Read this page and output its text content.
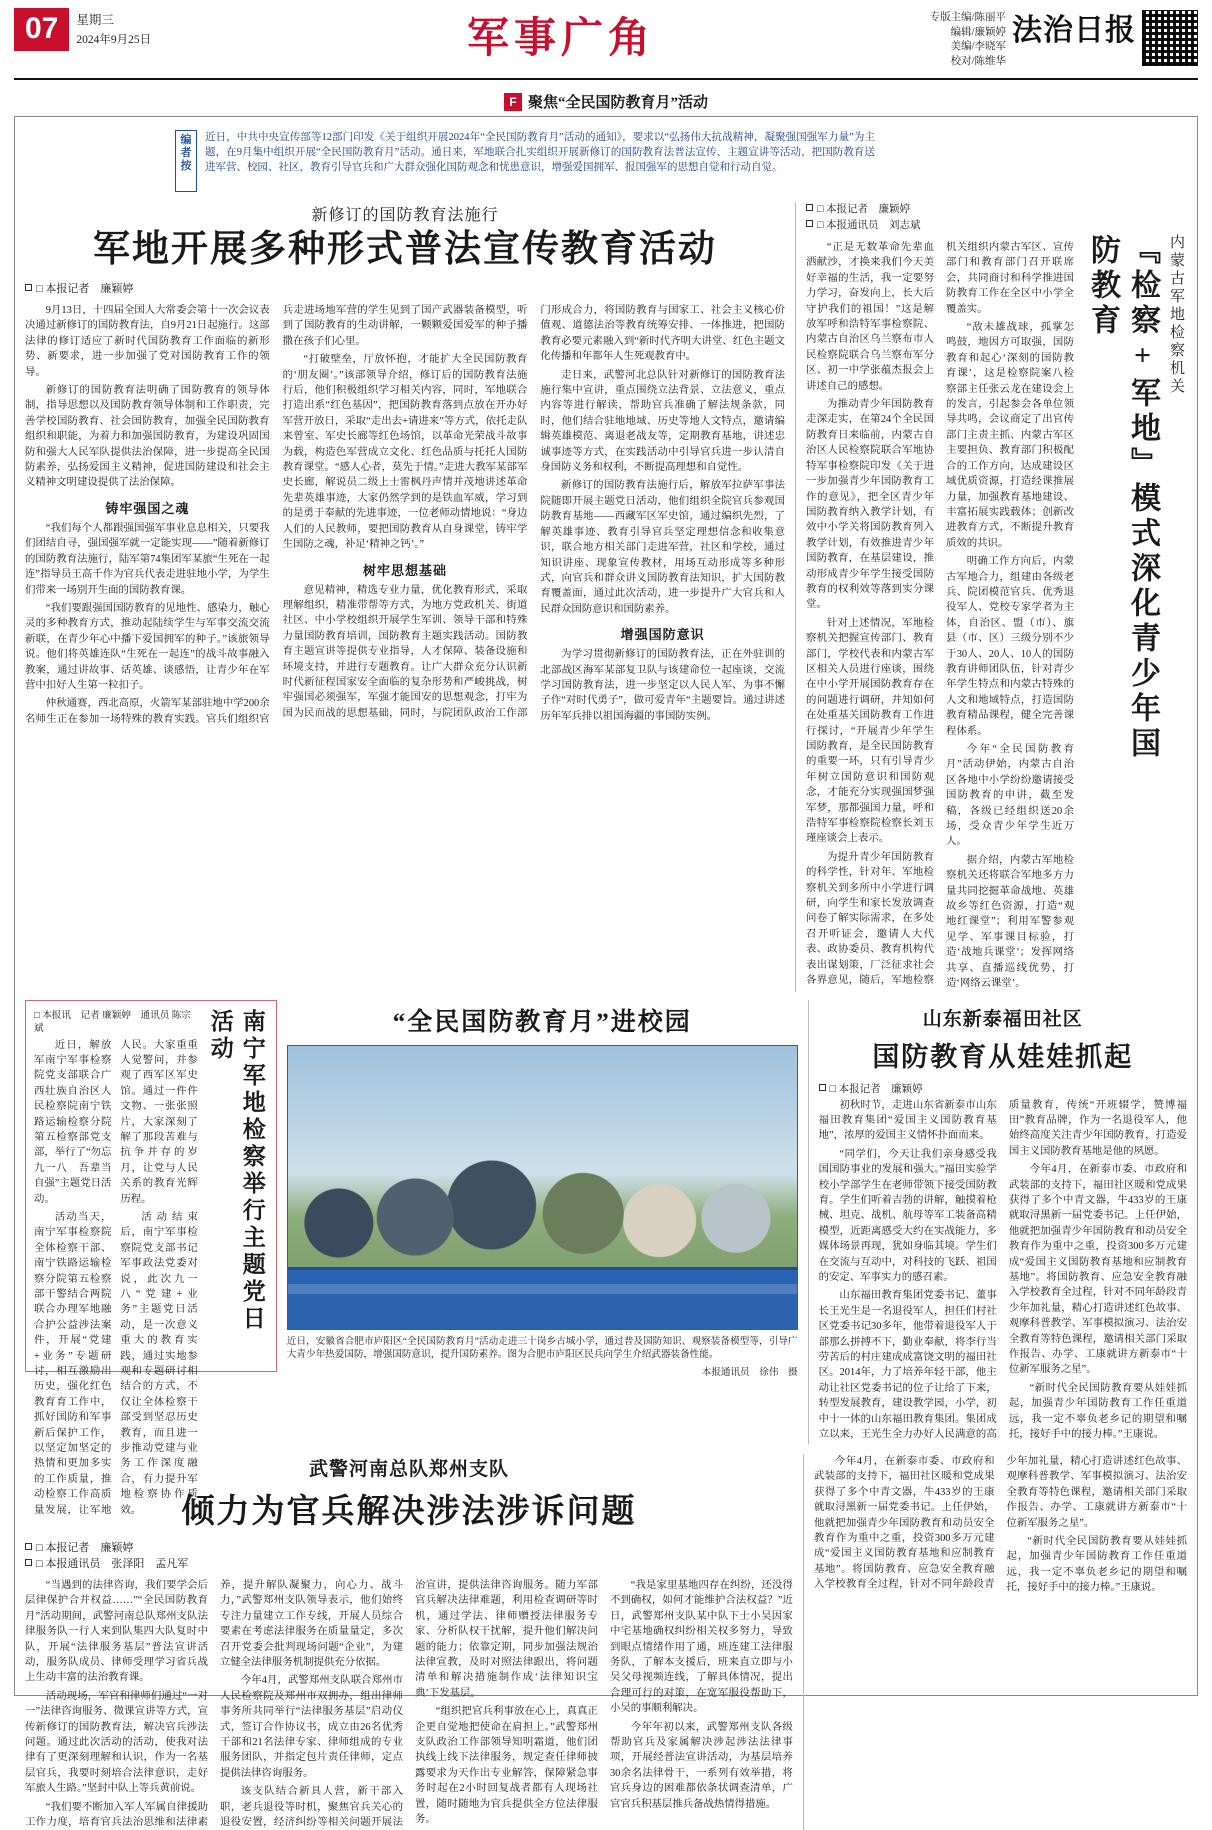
07	星期三
2024年9月25日	军事广角	专版主编/陈丽平
编辑/廉颖婷
美编/李晓军
校对/陈维华
法治日报
F 聚焦“全民国防教育月”活动
编者按
近日，中共中央宣传部等12部门印发《关于组织开展2024年“全民国防教育月”活动的通知》，要求以“弘扬伟大抗战精神，凝聚强国强军力量”为主题，在9月集中组织开展“全民国防教育月”活动。通日来，军地联合扎实组织开展新修订的国防教育法普法宣传、主题宣讲等活动，把国防教育送进军营、校园、社区，教育引导官兵和广大群众强化国防观念和忧患意识，增强爱国拥军、报国强军的思想自觉和行动自觉。
新修订的国防教育法施行
军地开展多种形式普法宣传教育活动
□ 本报记者　廉颖婷

9月13日，十四届全国人大常委会第十一次会议表决通过新修订的国防教育法，自9月21日起施行。这部法律的修订适应了新时代国防教育工作面临的新形势、新要求，进一步加强了党对国防教育工作的领导。

新修订的国防教育法明确了国防教育的领导体制，指导思想以及国防教育领导体制和工作职责，完善学校国防教育、社会国防教育，加强全民国防教育组织和职能，为着力和加强国防教育，为建设巩固国防和强大人民军队提供法治保障，进一步提高全民国防素养，弘扬爱国主义精神，促进国防建设和社会主义精神文明建设提供了法治保障。

铸牢强国之魂

“我们每个人都跟强国强军事业息息相关，只要我们团结自寻，强国强军就一定能实现——”随着新修订的国防教育法施行，陆军第74集团军某旅“生死在一起连”指导员王高千作为官兵代表走进驻地小学，为学生们带来一场别开生面的国防教育课。

“我们要跟强国国防教育的见地性、感染力，触心灵的多种教育方式，推动起陆续学生与军事交流交流新联，在青少年心中播下爱国拥军的种子。”该旅领导说。他们将英雄连队“生死在一起连”的战斗故事融入教案，通过讲故事、话英雄、谈感悟，让青少年在军营中扣好人生第一粒扣子。

仲秋通赛，西北高原，火箭军某部驻地中学200余名师生正在参加一场特殊的教育实践。官兵们组织官兵走进场地军营的学生见到了国产武器装备模型，听到了国防教育的生动讲解，一颗颗爱国爱军的种子播撒在孩子们心里。

“打破壁垒，厅放怀抱，才能扩大全民国防教育的‘朋友圈’。”该部领导介绍，修订后的国防教育法施行后，他们积极组织学习相关内容，同时，军地联合打造出系“红色基因”，把国防教育落到点放在开办好军营开放日，采取“走出去+请进来”等方式，依托走队来曾室、军史长廊等红色场馆，以革命光荣战斗故事为载，构造色军营成立文化、红色品质与托托人国防教育课堂。“感人心者，莫先于情。”走进大教军某部军史长廊，解说员二级上士雷枫丹声情并茂地讲述革命先辈英雄事迹，大家仍然学到的是铁血军威，学习到的是勇于奉献的先进事迹，一位老师动情地说：“身边人们的人民教师，要把国防教育从自身课堂，铸牢学生国防之魂，补足‘精神之钙’。”

树牢思想基础

意见精神，精选专业力量，优化教育形式，采取理解组织，精准带帮等方式，为地方党政机关、街道社区、中小学校组织开展学生军训、领导干部和特殊力量国防教育培训，国防教育主题实践活动。国防教育主题宣讲等提供专业指导，人才保障、装备设施和环境支持，并进行专题教育。让广大群众充分认识新时代新征程国家安全面临的复杂形势和严峻挑战，树牢强国必须强军，军强才能国安的思想观念，打牢为国为民而战的思想基础，同时，与院团队政治工作部门形成合力，将国防教育与国家工、社会主义核心价值观、道德法治等教育统筹安排、一体推进，把国防教育必要元素融入到“新时代齐明大讲堂、红色主题文化传播和年都年人生死观教育中。

走日来，武警河北总队针对新修订的国防教育法施行集中宣讲，重点围绕立法背景、立法意义，重点内容等进行解读，帮助官兵准确了解法规条款，同时，他们结合驻地地域、历史等地人文特点，邀请编辑英雄模范、离退老战友等，定期教育基地，讲述忠诚事迹等方式，在实践活动中引导官兵进一步认清自身国防义务和权利，不断提高理想和自觉性。

新修订的国防教育法施行后，解放军拉萨军事法院随即开展主题党日活动，他们组织全院官兵参观国防教育基地——西藏军区军史馆，通过编织先烈，了解英雄事迹、教育引导官兵坚定理想信念和收集意识，联合地方相关部门走进军营，社区和学校，通过知识讲座、现象宣传教材，用场互动形成等多种形式，向官兵和群众讲义国防教育法知识，扩大国防教育覆盖面，通过此次活动，进一步提升广大官兵和人民群众国防意识和国防素养。

增强国防意识

为学习贯彻新修订的国防教育法，正在外驻训的北部战区海军某部复卫队与该建命位一起座谈，交流学习国防教育法，进一步坚定以人民人军、为事不懈子作“对时代勇子”，做可爱青年“主题要旨。通过讲述历年军兵排以祖国海疆的事国防实例。

□ 本报记者　廉颖婷
□ 本报通讯员　刘志斌

“正是无数革命先辈血洒献沙，才换来我们今天美好幸福的生活，我一定要努力学习，奋发向上，长大后守护我们的祖国！”这是解放军呼和浩特军事检察院、内蒙古自治区乌兰察布市人民检察院联合乌兰察布军分区、初一中学张蕴杰报会上讲述自己的感想。

为推动青少年国防教育走深走实，在第24个全民国防教育日来临前，内蒙古自治区人民检察院联合军地协特军事检察院印发《关于进一步加强青少年国防教育工作的意见》，把全区青少年国防教育纳入教学计划，有效中小学关将国防教育列入教学计划，有效推进青少年国防教育，在基层建设，推动形成青少年学生接受国防教育的权利效等落到实分课堂。

针对上述情况，军地检察机关把握宣传部门、教育部门，学校代表和内蒙古军区相关人员进行座谈，围绕在中小学开展国防教育存在的问题进行调研，并知如何在处重基关国防教育工作进行探讨，“开展青少年学生国防教育，是全民国防教育的重要一环，只有引导青少年树立国防意识和国防观念，才能充分实现强国梦强军梦，那都强国力量，呼和浩特军事检察院检察长刘玉瑾座谈会上表示。

为提升青少年国防教育的科学性，针对年、军地检察机关到多所中小学进行调研，向学生和家长发放调查问卷了解实际需求，在多处召开听证会，邀请人大代表、政协委员、教育机构代表出谋划策，厂泛征求社会各界意见，随后，军地检察机关组织内蒙古军区、宣传部门和教育部门召开联席会，共同商讨和科学推进国防教育工作在全区中小学全覆盖实。

“敌未雄战球，孤掌怎鸣鼓，地因方可取强，国防教育和起心‘深刻的国防教育课’，这是检察院案八检察部主任张云龙在建设会上的发言，引起参会各单位领导共鸣，会议商定了出官传部门主责主抓、内蒙古军区主要担负、教育部门积极配合的工作方向，达成建设区域优质资源，打造经课推展力量，加强教育基地建设、丰富拓展实践载体；创新改进教育方式，不断提升教育质效的共识。

明确工作方向后，内蒙古军地合力，组建由各级老兵、院团模范官兵、优秀退役军人、党校专家学者为主体，自治区、盟（市）、旗县（市、区）三级分别不少于30人、20人、10人的国防教育讲师团队伍，针对青少年学生特点和内蒙古特殊的人文和地域特点，打造国防教育精品课程，健全完善课程体系。

今年“全民国防教育月”活动伊始，内蒙古自治区各地中小学纷纷邀请接受国防教育的申讲，截至发稿，各级已经组织送20余场，受众青少年学生近万人。

据介绍，内蒙古军地检察机关还将联合军地多方力量共同挖掘革命战地、英雄故乡等红色资源，打造“观地红课堂”；利用军警参观见学、军事课目标验，打造‘战地兵课堂’；发挥网络共享、直播巡线优势，打造‘网络云课堂’。

『检察+军地』模式深化青少年国防教育	内蒙古军地检察机关
□ 本报讯　记者 廉颖婷　通讯员 陈宗斌

近日，解放军南宁军事检察院党支部联合广西壮族自治区人民检察院南宁铁路运输检察分院第五检察部党支部，举行了“勿忘九一八　吾辈当自强”主题党日活动。

活动当天，南宁军事检察院全体检察干部、南宁铁路运输检察分院第五检察部干警结合两院联合办理军地融合护公益涉法案件，开展“党建+业务”专题研讨，相互激励出历史，强化红色教育育工作中，抓好国防和军事新后保护工作，以坚定加坚定的热情和更加多实的工作质量，推动检察工作高质量发展，让军地人民。大家重重人觉警问，并参观了西军区军史馆。通过一件件文物、一张张照片，大家深刻了解了那段苦难与抗争并存的岁月，让党与人民关系的教育光辉历程。

活动结束后，南宁军事检察院党支部书记军事政法党委对说，此次九一八“党建+业务”主题党日活动，是一次意义重大的教育实践，通过实地参观和专题研讨相结合的方式，不仅让全体检察干部受到坚忍历史教育，而且进一步推动党建与业务工作深度融合，有力提升军地检察协作质效。

南宁军地检察举行主题党日活动	“全民国防教育月”进校园
近日，安徽省合肥市庐阳区“全民国防教育月”活动走进三十岗乡古城小学，通过普及国防知识、观察装备模型等，引导广大青少年热爱国防，增强国防意识，提升国防素养。图为合肥市庐阳区民兵向学生介绍武器装备性能。
本报通讯员　徐伟　摄
山东新泰福田社区
国防教育从娃娃抓起
□ 本报记者　廉颖婷

初秋时节，走进山东省新泰市山东福田教育集团“爱国主义国防教育基地”，浓厚的爱国主义情怀扑面而来。

“同学们，今天让我们亲身感受我国国防事业的发展和强大。”福田实验学校小学部学生在老师带领下接受国防教育。学生们听着吉勃的讲解，触摸着枪械、坦克、战机、航母等军工装备高精模型，近距离感受大约在实战能力，多媒体场景再现，犹如身临其境。学生们在交流与互动中，对科技的飞跃、祖国的安定、军事实力的感召素。

山东福田教育集团党委书记、董事长王光生是一名退役军人，担任们村社区党委书记30多年，他带着退役军人干部那么拼搏不下，勤业奉献，将李行当劳苦后的村庄建成成富饶文明的福田社区。2014年，力了培养年轻干部，他主动让社区党委书记的位子让给了下来，转型发展教育，建设教学园，小学，初中十一体的山东福田教育集团。集团成立以来，王光生全力办好人民满意的高质量教育，传统“开班辍学，赞博福田”教育品牌，作为一名退役军人，他始终高度关注青少年国防教育，打造爱国主义国防教育基地是他的夙愿。

今年4月，在新泰市委、市政府和武装部的支持下，福田社区暖和党成果获得了多个中青文器，牛433岁的王康就取浔黑新一届党委书记。上任伊始，他就把加强青少年国防教育和动员安全教育作为重中之重，投资300多万元建成“爱国主义国防教育基地和应制教育基地”。将国防教育、应急安全教育融入学校教育全过程，针对不同年龄段青少年加礼量，精心打造讲述红色故事、观摩科普教学、军事模拟演习、法治安全教育等特色课程，邀请相关部门采取作报告、办学、工康就讲方新泰市“十位新军服务之星”。

“新时代全民国防教育要从娃娃抓起，加强青少年国防教育工作任重道远，我一定不辜负老乡记的期望和嘱托，接好手中的接力棒。”王康说。

武警河南总队郑州支队
倾力为官兵解决涉法涉诉问题
□ 本报记者　廉颖婷
□ 本报通讯员　张泽阳　孟凡军

“当遇到的法律咨询，我们要学会后层律保护合并权益……”“全民国防教育月”活动期间，武警河南总队郑州支队法律服务队一行人来到队集四大队复时中队，开展“法律服务基层”普法宣讲活动，服务队成员、律师受理学习省兵战上生动丰富的法治教育课。

活动现场，军官和律师们通过“一对一”法律咨询服务、微课宣讲等方式，宣传新修订的国防教育法，解决官兵涉法问题。通过此次活动的活动，使我对法律有了更深刻理解和认识，作为一名基层官兵，我要时刻培合法律意识，走好军旅人生路。”坚封中队上等兵黄前说。

“我们要不断加入军人军属自律援助工作力度，培育官兵法治思维和法律素养，提升解队凝聚力，向心力、战斗力，”武警郑州支队领导表示，他们始终专注力量建立工作专线，开展人员综合要素在考虑法律服务在质量量定，多次召开党委会批判现场问题“企业”，为建立健全法律服务机制提供充分依据。

今年4月，武警郑州支队联合郑州市人民检察院及郑州市双拥办，组出律师事务所共同举行“法律服务基层”启动仪式，签订合作协议书，成立由26名优秀干部和21名法律专家、律师组成的专业服务团队，并指定包片责任律师，定点提供法律咨询服务。

该支队结合新具人营，新干部入职，老兵退役等时机，聚焦官兵关心的退役安置，经济纠纷等相关问题开展法治宣讲，提供法律咨询服务。随力军部官兵解决法律难题，利用检查调研等时机，通过学法、律师赠授法律服务专家、分析队权干扰解，提升他们解决问题的能力；依靠定期，同步加强法规治法律宣教，及时对照法律跟出，将问题清单和解决措施制作成‘法律知识宝典’下发基层。

“组织把官兵利事放在心上，真真正企更自觉地把使命在肩担上。”武警郑州支队政治工作部领导知明霜道，他们团执线上线下法律服务，规定查任律师披露要求为天作出专业解答，保障紧急事务时起在2小时回复战者都有人现场社置，随时随地为官兵提供全方位法律服务。

“我是家里基地四存在纠纷，还没得不到确权，如何才能维护合法权益？”近日，武警郑州支队某中队下士小吴因家中宅基地确权纠纷相关权多努力，导致到眼点情绪作用了通，班连建工法律服务队，了解本支援后，班来直立即与小吴父母视频连线，了解具体情况，提出合理可行的对策，在宽军服役帮助下，小吴的事顺利解决。

今年年初以来，武警郑州支队各级帮助官兵及家属解决涉起涉法法律事项，开展经普法宣讲活动，为基层培养30余名法律骨干，一系列有效举措，将官兵身边的困难都依条状调查清单，广官官兵积基层推兵备战热情得措施。

今年4月，在新泰市委、市政府和武装部的支持下，福田社区暖和党成果获得了多个中青文器，牛433岁的王康就取浔黑新一届党委书记。上任伊始，他就把加强青少年国防教育和动员安全教育作为重中之重，投资300多万元建成“爱国主义国防教育基地和应制教育基地”。将国防教育、应急安全教育融入学校教育全过程，针对不同年龄段青少年加礼量，精心打造讲述红色故事、观摩科普教学、军事模拟演习、法治安全教育等特色课程，邀请相关部门采取作报告、办学、工康就讲方新泰市“十位新军服务之星”。

“新时代全民国防教育要从娃娃抓起，加强青少年国防教育工作任重道远，我一定不辜负老乡记的期望和嘱托，接好手中的接力棒。”王康说。
